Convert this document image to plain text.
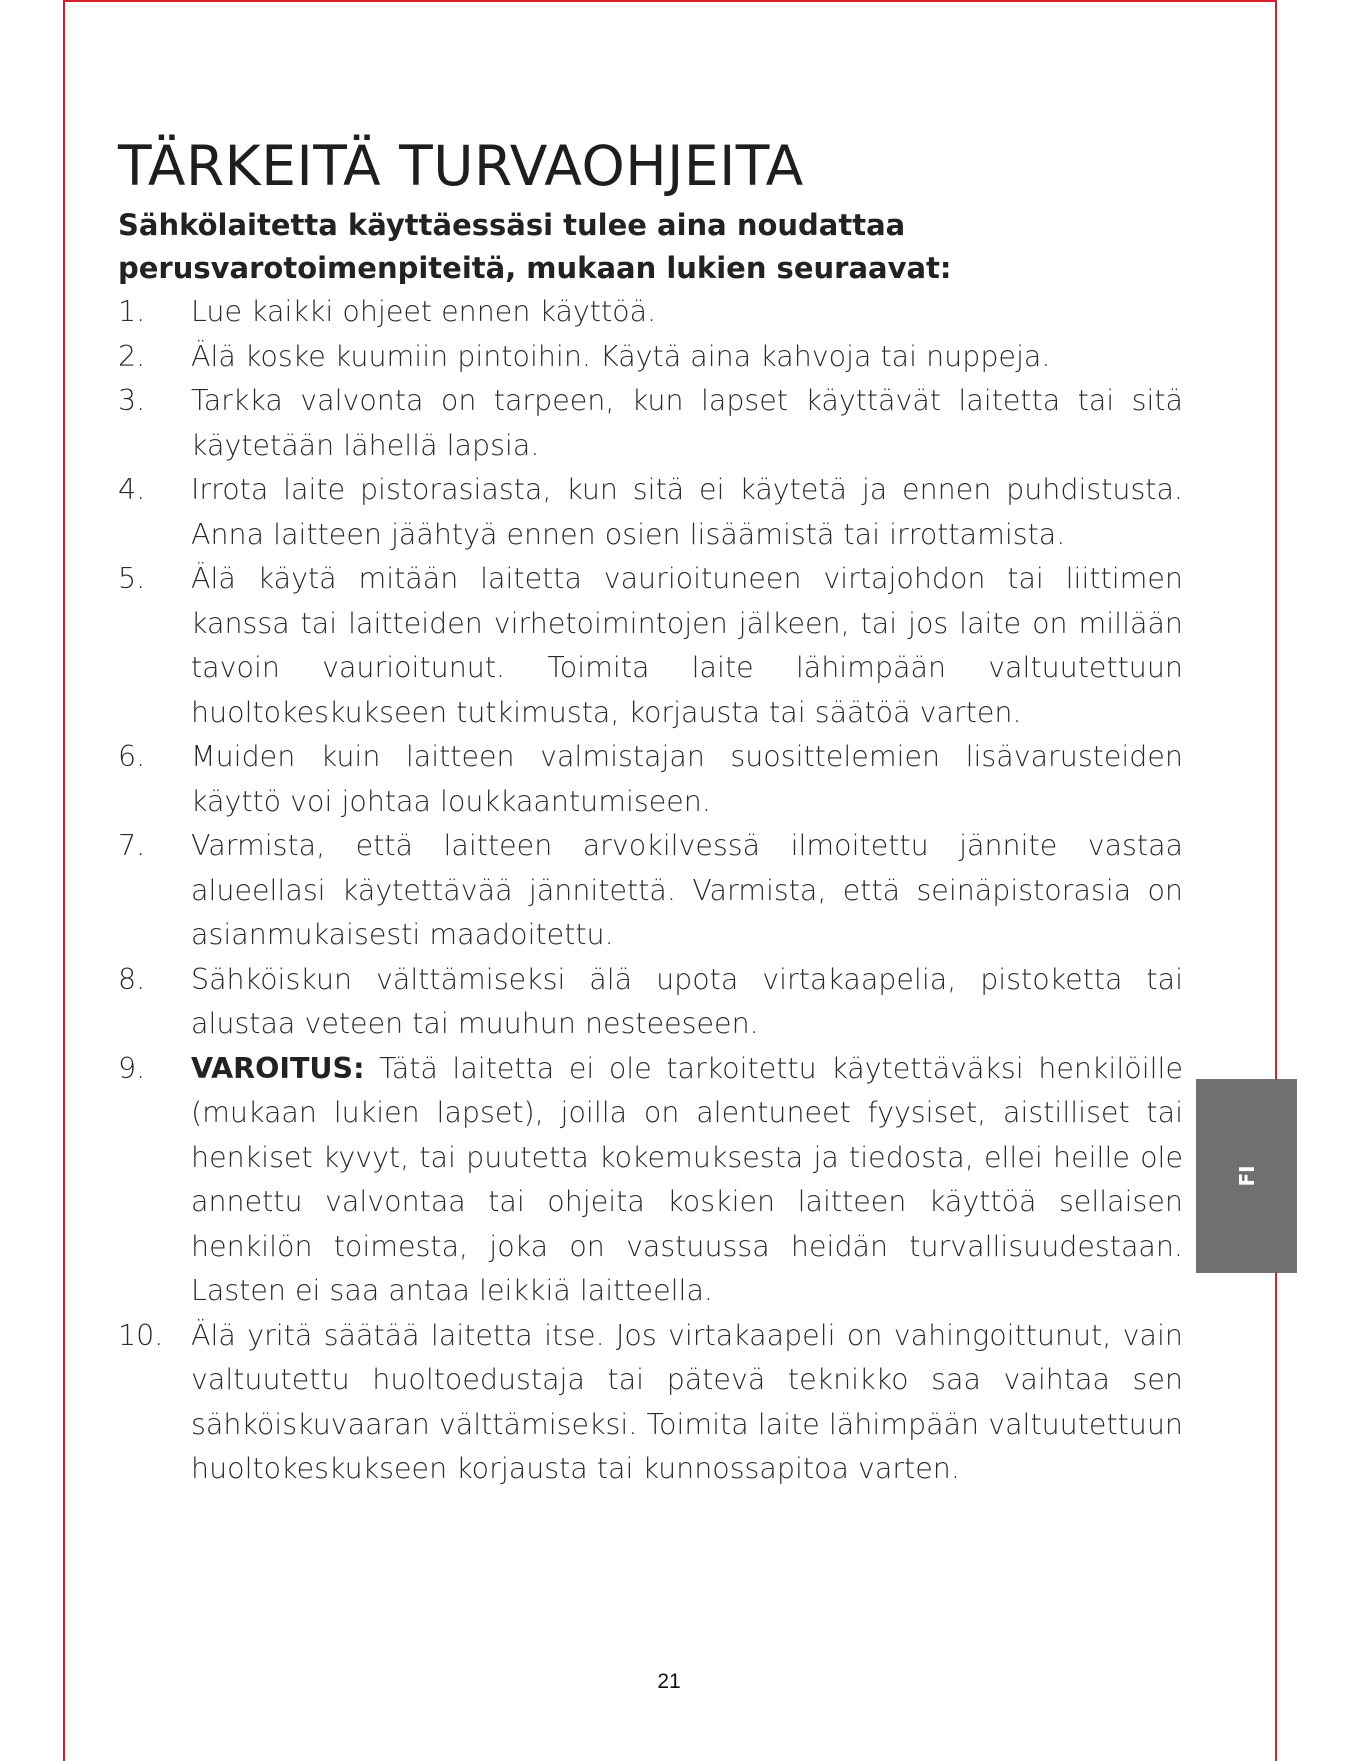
TÄRKEITÄ TURVAOHJEITA

Sähkölaitetta käyttäessäsi tulee aina noudattaa perusvarotoimenpiteitä, mukaan lukien seuraavat:

1.	Lue kaikki ohjeet ennen käyttöä.
2.	Älä koske kuumiin pintoihin. Käytä aina kahvoja tai nuppeja.
3.	Tarkka valvonta on tarpeen, kun lapset käyttävät laitetta tai sitä käytetään lähellä lapsia.
4.	Irrota laite pistorasiasta, kun sitä ei käytetä ja ennen puhdistusta. Anna laitteen jäähtyä ennen osien lisäämistä tai irrottamista.
5.	Älä käytä mitään laitetta vaurioituneen virtajohdon tai liittimen kanssa tai laitteiden virhetoimintojen jälkeen, tai jos laite on millään tavoin vaurioitunut. Toimita laite lähimpään valtuutettuun huoltokeskukseen tutkimusta, korjausta tai säätöä varten.
6.	Muiden kuin laitteen valmistajan suosittelemien lisävarusteiden käyttö voi johtaa loukkaantumiseen.
7.	Varmista, että laitteen arvokilvessä ilmoitettu jännite vastaa alueellasi käytettävää jännitettä. Varmista, että seinäpistorasia on asianmukaisesti maadoitettu.
8.	Sähköiskun välttämiseksi älä upota virtakaapelia, pistoketta tai alustaa veteen tai muuhun nesteeseen.
9.	VAROITUS: Tätä laitetta ei ole tarkoitettu käytettäväksi henkilöille (mukaan lukien lapset), joilla on alentuneet fyysiset, aistilliset tai henkiset kyvyt, tai puutetta kokemuksesta ja tiedosta, ellei heille ole annettu valvontaa tai ohjeita koskien laitteen käyttöä sellaisen henkilön toimesta, joka on vastuussa heidän turvallisuudestaan. Lasten ei saa antaa leikkiä laitteella.
10. Älä yritä säätää laitetta itse. Jos virtakaapeli on vahingoittunut, vain valtuutettu huoltoedustaja tai pätevä teknikko saa vaihtaa sen sähköiskuvaaran välttämiseksi. Toimita laite lähimpään valtuutettuun huoltokeskukseen korjausta tai kunnossapitoa varten.
FI
21
